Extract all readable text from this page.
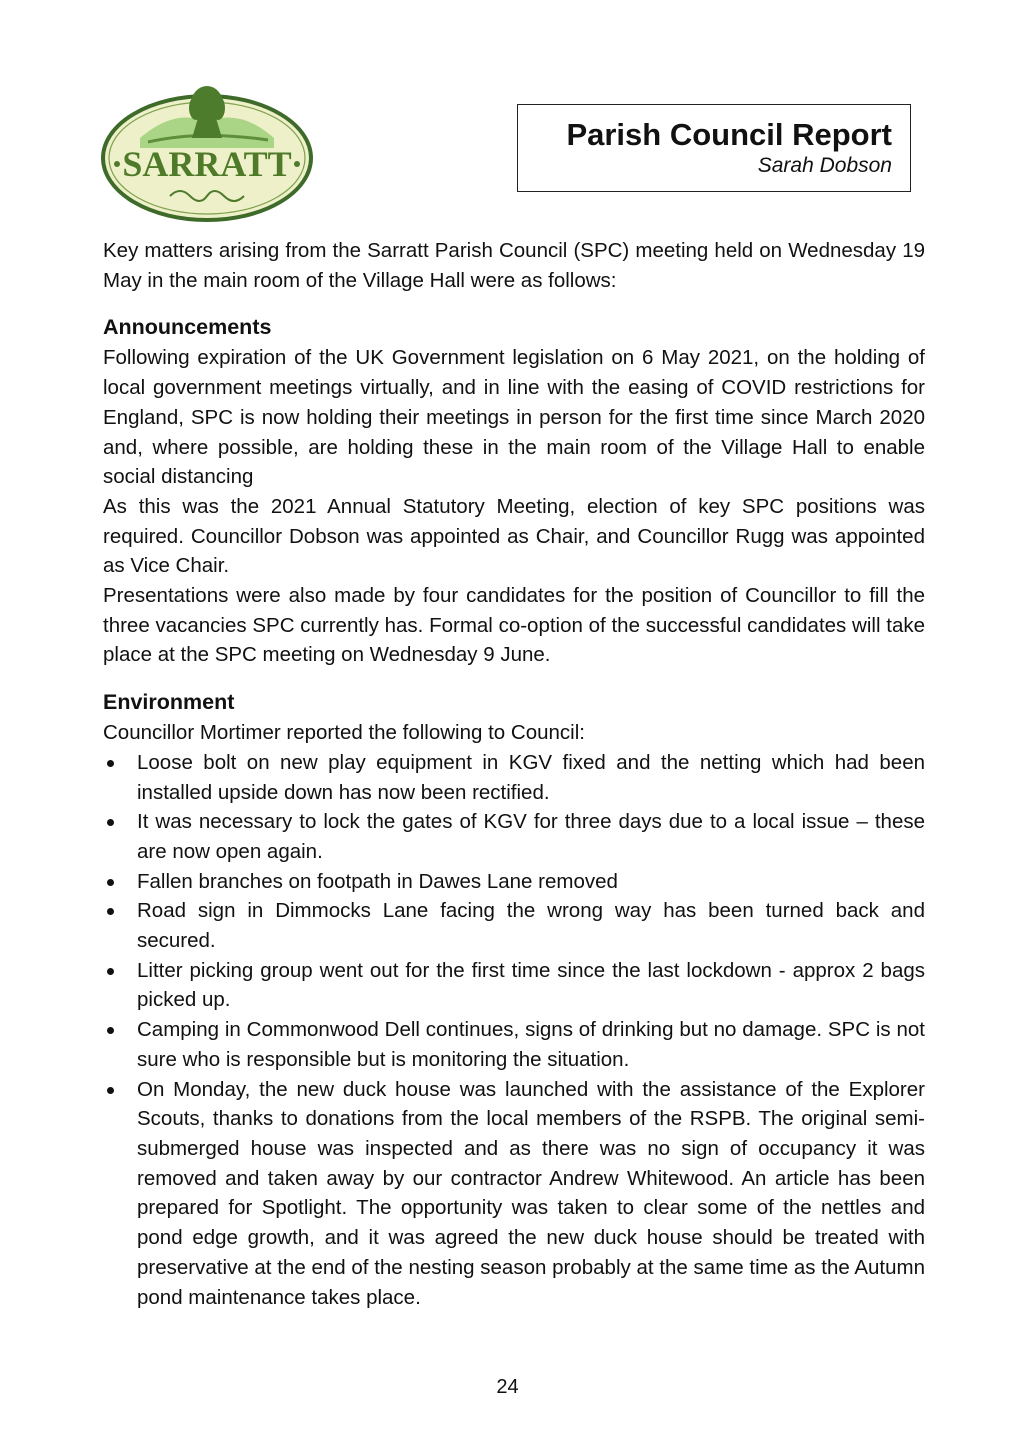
SARRATT
Parish Council Report
Sarah Dobson

Key matters arising from the Sarratt Parish Council (SPC) meeting held on Wednesday 19 May in the main room of the Village Hall were as follows:

Announcements

Following expiration of the UK Government legislation on 6 May 2021, on the holding of local government meetings virtually, and in line with the easing of COVID restrictions for England, SPC is now holding their meetings in person for the first time since March 2020 and, where possible, are holding these in the main room of the Village Hall to enable social distancing

As this was the 2021 Annual Statutory Meeting, election of key SPC positions was required. Councillor Dobson was appointed as Chair, and Councillor Rugg was appointed as Vice Chair.

Presentations were also made by four candidates for the position of Councillor to fill the three vacancies SPC currently has. Formal co-option of the successful candidates will take place at the SPC meeting on Wednesday 9 June.

Environment

Councillor Mortimer reported the following to Council:

Loose bolt on new play equipment in KGV fixed and the netting which had been installed upside down has now been rectified.
It was necessary to lock the gates of KGV for three days due to a local issue – these are now open again.
Fallen branches on footpath in Dawes Lane removed
Road sign in Dimmocks Lane facing the wrong way has been turned back and secured.
Litter picking group went out for the first time since the last lockdown - approx 2 bags picked up.
Camping in Commonwood Dell continues, signs of drinking but no damage. SPC is not sure who is responsible but is monitoring the situation.
On Monday, the new duck house was launched with the assistance of the Explorer Scouts, thanks to donations from the local members of the RSPB. The original semi-submerged house was inspected and as there was no sign of occupancy it was removed and taken away by our contractor Andrew Whitewood. An article has been prepared for Spotlight. The opportunity was taken to clear some of the nettles and pond edge growth, and it was agreed the new duck house should be treated with preservative at the end of the nesting season probably at the same time as the Autumn pond maintenance takes place.
24
